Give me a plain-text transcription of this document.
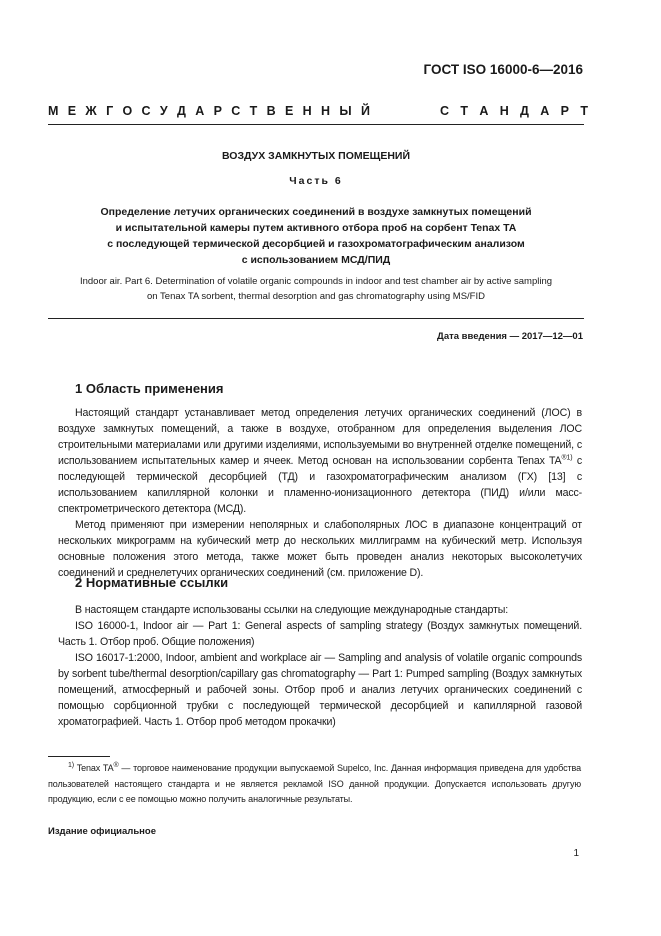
ГОСТ ISO 16000-6—2016
М Е Ж Г О С У Д А Р С Т В Е Н Н Ы Й	С Т А Н Д А Р Т
ВОЗДУХ ЗАМКНУТЫХ ПОМЕЩЕНИЙ
Часть 6
Определение летучих органических соединений в воздухе замкнутых помещений
и испытательной камеры путем активного отбора проб на сорбент Tenax TA
с последующей термической десорбцией и газохроматографическим анализом
с использованием МСД/ПИД
Indoor air. Part 6. Determination of volatile organic compounds in indoor and test chamber air by active sampling
on Tenax TA sorbent, thermal desorption and gas chromatography using MS/FID
Дата введения — 2017—12—01
1 Область применения

Настоящий стандарт устанавливает метод определения летучих органических соединений (ЛОС) в воздухе замкнутых помещений, а также в воздухе, отобранном для определения выделения ЛОС строительными материалами или другими изделиями, используемыми во внутренней отделке помещений, с использованием испытательных камер и ячеек. Метод основан на использовании сорбента Tenax $TA^{®1)}$ с последующей термической десорбцией (ТД) и газохроматографическим анализом (ГХ) [13] с использованием капиллярной колонки и пламенно-ионизационного детектора (ПИД) и/или масс-спектрометрического детектора (МСД).

Метод применяют при измерении неполярных и слабополярных ЛОС в диапазоне концентраций от нескольких микрограмм на кубический метр до нескольких миллиграмм на кубический метр. Используя основные положения этого метода, также может быть проведен анализ некоторых высоколетучих соединений и среднелетучих органических соединений (см. приложение D).

2 Нормативные ссылки

В настоящем стандарте использованы ссылки на следующие международные стандарты:

ISO 16000-1, Indoor air — Part 1: General aspects of sampling strategy (Воздух замкнутых помещений. Часть 1. Отбор проб. Общие положения)

ISO 16017-1:2000, Indoor, ambient and workplace air — Sampling and analysis of volatile organic compounds by sorbent tube/thermal desorption/capillary gas chromatography — Part 1: Pumped sampling (Воздух замкнутых помещений, атмосферный и рабочей зоны. Отбор проб и анализ летучих органических соединений с помощью сорбционной трубки с последующей термической десорбцией и капиллярной газовой хроматографией. Часть 1. Отбор проб методом прокачки)

$^{1)}$ Tenax TA® — торговое наименование продукции выпускаемой Supelco, Inc. Данная информация приведена для удобства пользователей настоящего стандарта и не является рекламой ISO данной продукции. Допускается использовать другую продукцию, если с ее помощью можно получить аналогичные результаты.

Издание официальное
1
